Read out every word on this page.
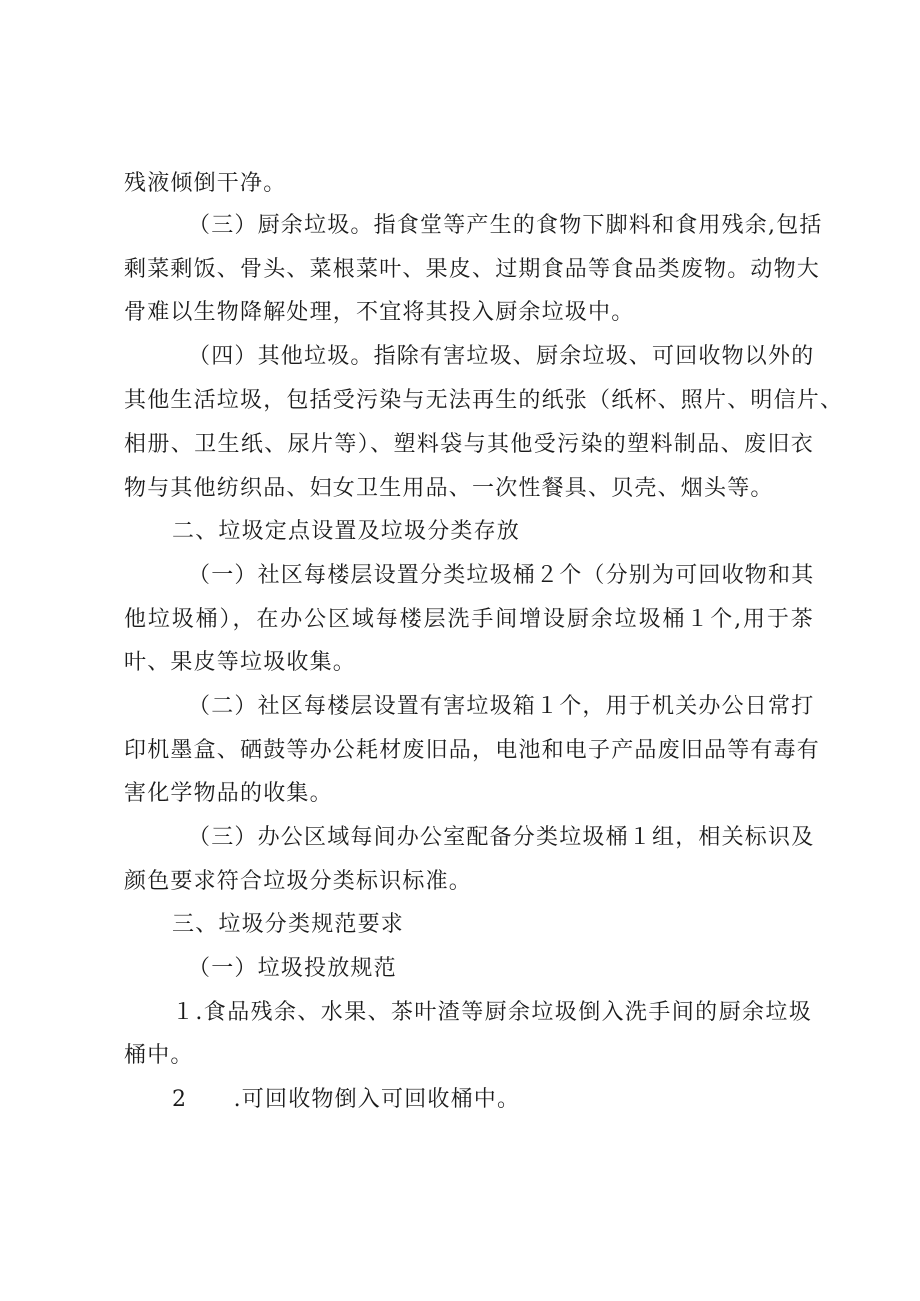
残液倾倒干净。
（三）厨余垃圾。指食堂等产生的食物下脚料和食用残余,包括
剩菜剩饭、骨头、菜根菜叶、果皮、过期食品等食品类废物。动物大
骨难以生物降解处理，不宜将其投入厨余垃圾中。
（四）其他垃圾。指除有害垃圾、厨余垃圾、可回收物以外的
其他生活垃圾，包括受污染与无法再生的纸张（纸杯、照片、明信片、
相册、卫生纸、尿片等）、塑料袋与其他受污染的塑料制品、废旧衣
物与其他纺织品、妇女卫生用品、一次性餐具、贝壳、烟头等。
二、垃圾定点设置及垃圾分类存放
（一）社区每楼层设置分类垃圾桶２个（分别为可回收物和其
他垃圾桶），在办公区域每楼层洗手间增设厨余垃圾桶１个,用于茶
叶、果皮等垃圾收集。
（二）社区每楼层设置有害垃圾箱１个，用于机关办公日常打
印机墨盒、硒鼓等办公耗材废旧品，电池和电子产品废旧品等有毒有
害化学物品的收集。
（三）办公区域每间办公室配备分类垃圾桶１组，相关标识及
颜色要求符合垃圾分类标识标准。
三、垃圾分类规范要求
（一）垃圾投放规范
１.食品残余、水果、茶叶渣等厨余垃圾倒入洗手间的厨余垃圾
桶中。
2　　.可回收物倒入可回收桶中。
